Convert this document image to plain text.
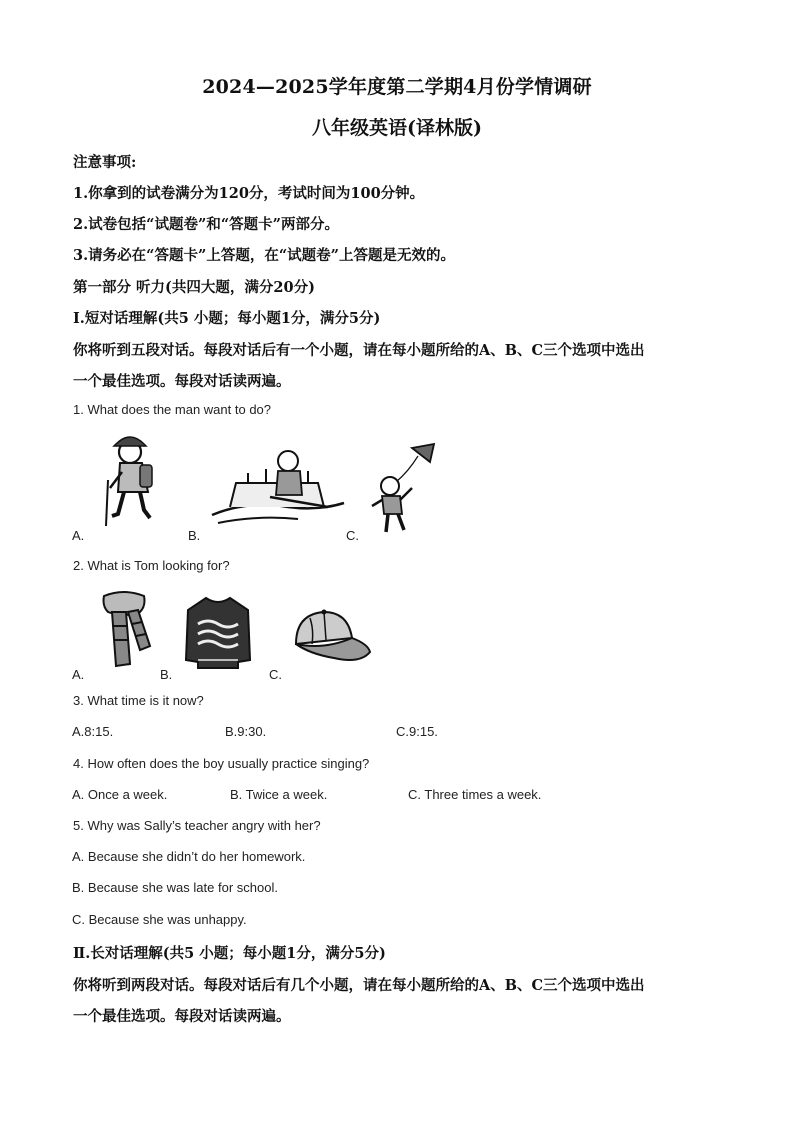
2024—2025学年度第二学期4月份学情调研
八年级英语(译林版)
注意事项:
1.你拿到的试卷满分为120分，考试时间为100分钟。
2.试卷包括“试题卷”和“答题卡”两部分。
3.请务必在“答题卡”上答题，在“试题卷”上答题是无效的。
第一部分 听力(共四大题，满分20分)
Ⅰ.短对话理解(共5 小题；每小题1分，满分5分)
你将听到五段对话。每段对话后有一个小题，请在每小题所给的A、B、C三个选项中选出
一个最佳选项。每段对话读两遍。
1. What does the man want to do?
A.	B.	C.
2. What is Tom looking for?
A.	B.	C.
3. What time is it now?
A.8:15.	B.9:30.	C.9:15.
4. How often does the boy usually practice singing?
A. Once a week.	B. Twice a week.	C. Three times a week.
5. Why was Sally’s teacher angry with her?
A. Because she didn’t do her homework.
B. Because she was late for school.
C. Because she was unhappy.
Ⅱ.长对话理解(共5 小题；每小题1分，满分5分)
你将听到两段对话。每段对话后有几个小题，请在每小题所给的A、B、C三个选项中选出
一个最佳选项。每段对话读两遍。
